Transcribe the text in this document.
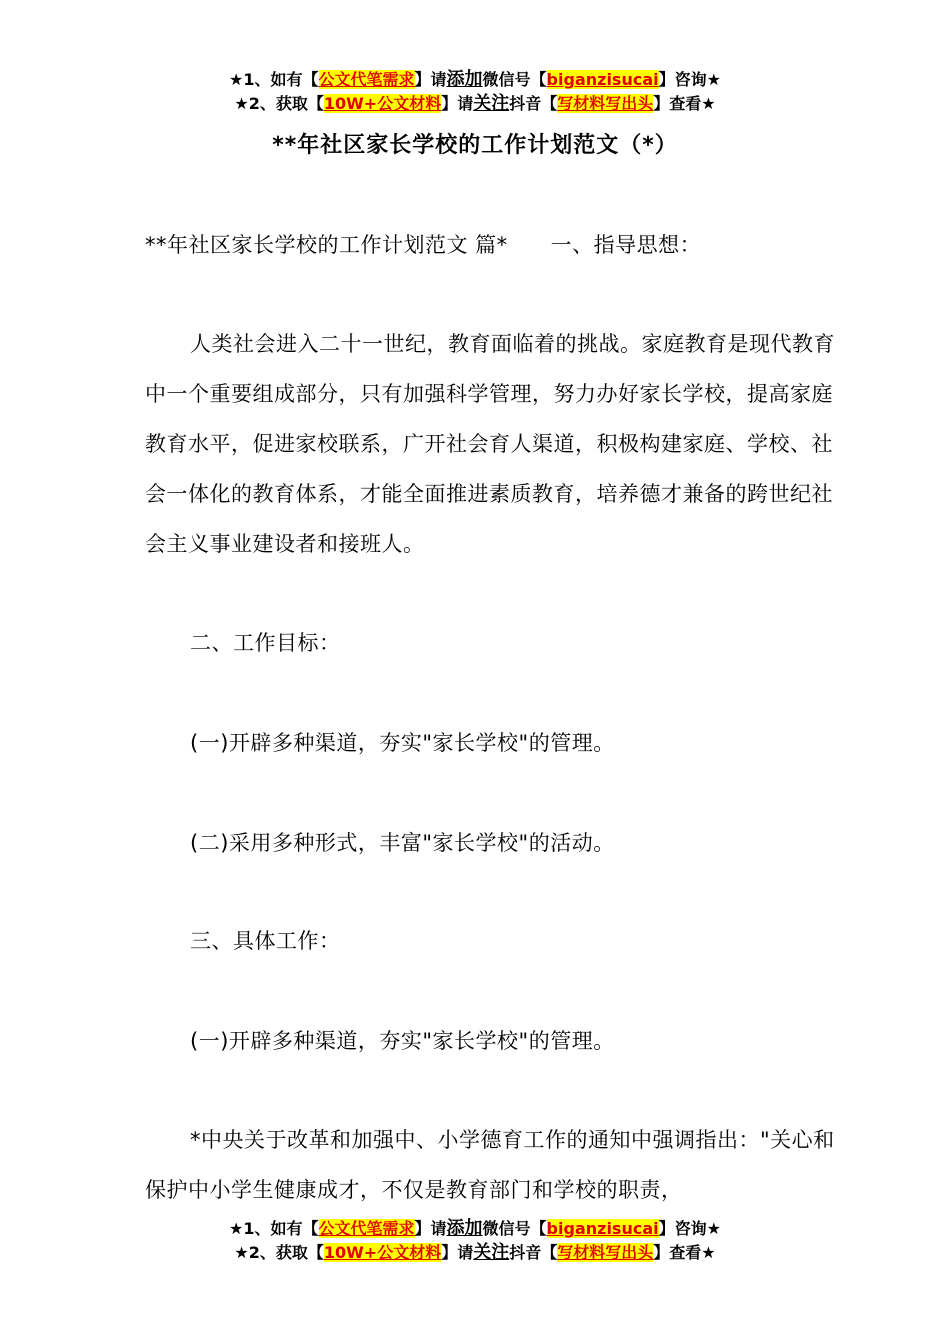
★1、如有【公文代笔需求】请添加微信号【biganzisucai】咨询★
★2、获取【10W+公文材料】请关注抖音【写材料写出头】查看★
**年社区家长学校的工作计划范文（*）
**年社区家长学校的工作计划范文 篇*　　一、指导思想：
人类社会进入二十一世纪，教育面临着的挑战。家庭教育是现代教育中一个重要组成部分，只有加强科学管理，努力办好家长学校，提高家庭教育水平，促进家校联系，广开社会育人渠道，积极构建家庭、学校、社会一体化的教育体系，才能全面推进素质教育，培养德才兼备的跨世纪社会主义事业建设者和接班人。
二、工作目标：
(一)开辟多种渠道，夯实"家长学校"的管理。
(二)采用多种形式，丰富"家长学校"的活动。
三、具体工作：
(一)开辟多种渠道，夯实"家长学校"的管理。
*中央关于改革和加强中、小学德育工作的通知中强调指出："关心和保护中小学生健康成才，不仅是教育部门和学校的职责，
★1、如有【公文代笔需求】请添加微信号【biganzisucai】咨询★
★2、获取【10W+公文材料】请关注抖音【写材料写出头】查看★
